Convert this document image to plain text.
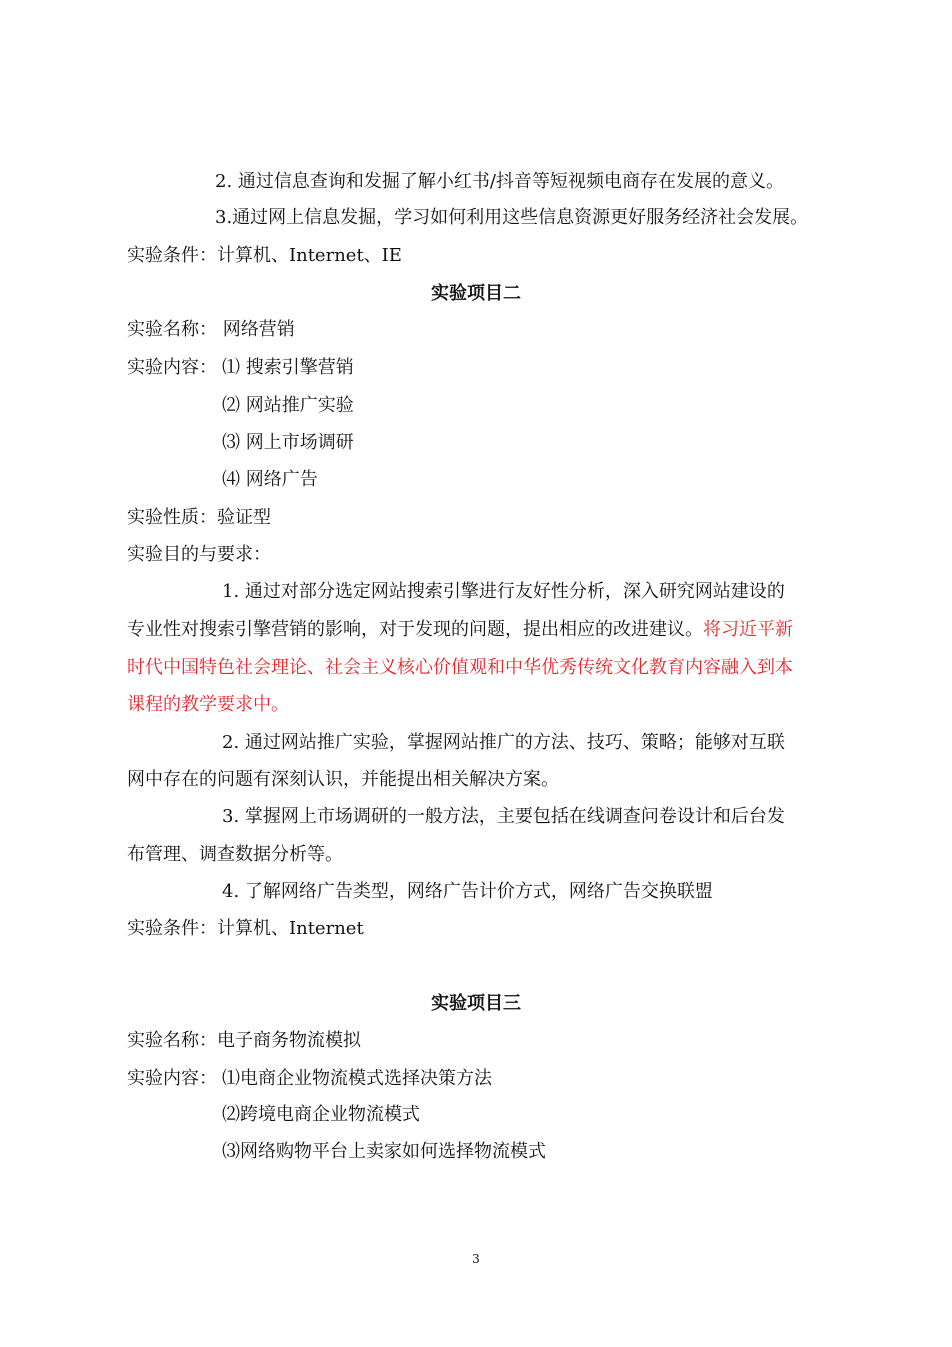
2. 通过信息查询和发掘了解小红书/抖音等短视频电商存在发展的意义。
3.通过网上信息发掘，学习如何利用这些信息资源更好服务经济社会发展。
实验条件：计算机、Internet、IE
实验项目二
实验名称： 网络营销
实验内容： ⑴ 搜索引擎营销
⑵ 网站推广实验
⑶ 网上市场调研
⑷ 网络广告
实验性质：验证型
实验目的与要求：
1. 通过对部分选定网站搜索引擎进行友好性分析，深入研究网站建设的
专业性对搜索引擎营销的影响，对于发现的问题，提出相应的改进建议。将习近平新
时代中国特色社会理论、社会主义核心价值观和中华优秀传统文化教育内容融入到本
课程的教学要求中。
2. 通过网站推广实验，掌握网站推广的方法、技巧、策略；能够对互联
网中存在的问题有深刻认识，并能提出相关解决方案。
3. 掌握网上市场调研的一般方法，主要包括在线调查问卷设计和后台发
布管理、调查数据分析等。
4. 了解网络广告类型，网络广告计价方式，网络广告交换联盟
实验条件：计算机、Internet
实验项目三
实验名称：电子商务物流模拟
实验内容： ⑴电商企业物流模式选择决策方法
⑵跨境电商企业物流模式
⑶网络购物平台上卖家如何选择物流模式
3
